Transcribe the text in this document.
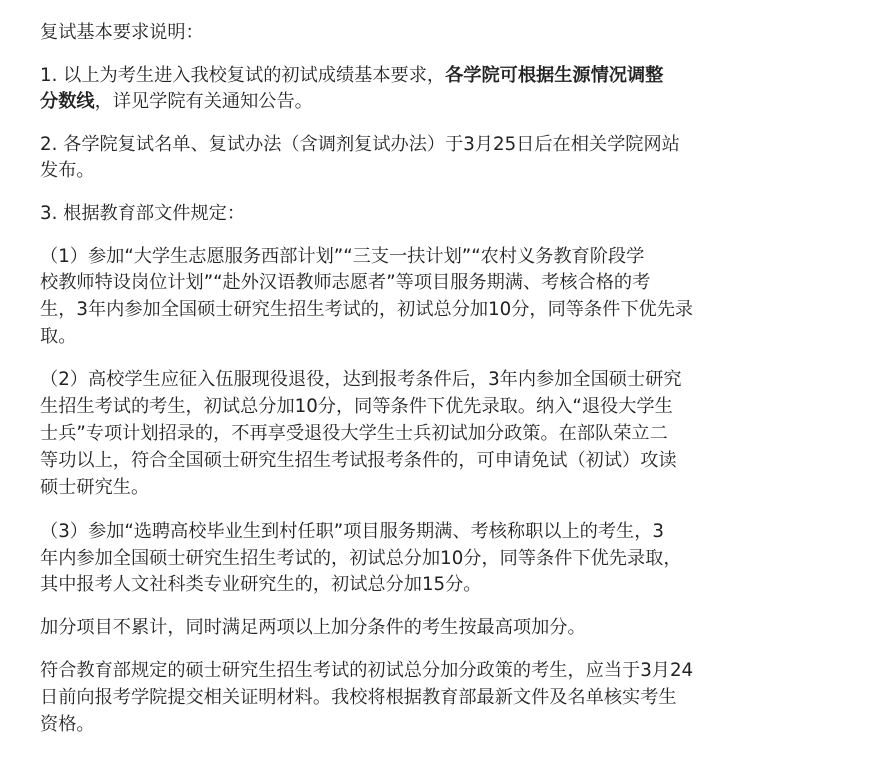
复试基本要求说明：
1. 以上为考生进入我校复试的初试成绩基本要求，各学院可根据生源情况调整
分数线，详见学院有关通知公告。
2. 各学院复试名单、复试办法（含调剂复试办法）于3月25日后在相关学院网站
发布。
3. 根据教育部文件规定：
（1）参加“大学生志愿服务西部计划”“三支一扶计划”“农村义务教育阶段学
校教师特设岗位计划”“赴外汉语教师志愿者”等项目服务期满、考核合格的考
生，3年内参加全国硕士研究生招生考试的，初试总分加10分，同等条件下优先录
取。
（2）高校学生应征入伍服现役退役，达到报考条件后，3年内参加全国硕士研究
生招生考试的考生，初试总分加10分，同等条件下优先录取。纳入“退役大学生
士兵”专项计划招录的，不再享受退役大学生士兵初试加分政策。在部队荣立二
等功以上，符合全国硕士研究生招生考试报考条件的，可申请免试（初试）攻读
硕士研究生。
（3）参加“选聘高校毕业生到村任职”项目服务期满、考核称职以上的考生，3
年内参加全国硕士研究生招生考试的，初试总分加10分，同等条件下优先录取，
其中报考人文社科类专业研究生的，初试总分加15分。
加分项目不累计，同时满足两项以上加分条件的考生按最高项加分。
符合教育部规定的硕士研究生招生考试的初试总分加分政策的考生，应当于3月24
日前向报考学院提交相关证明材料。我校将根据教育部最新文件及名单核实考生
资格。
